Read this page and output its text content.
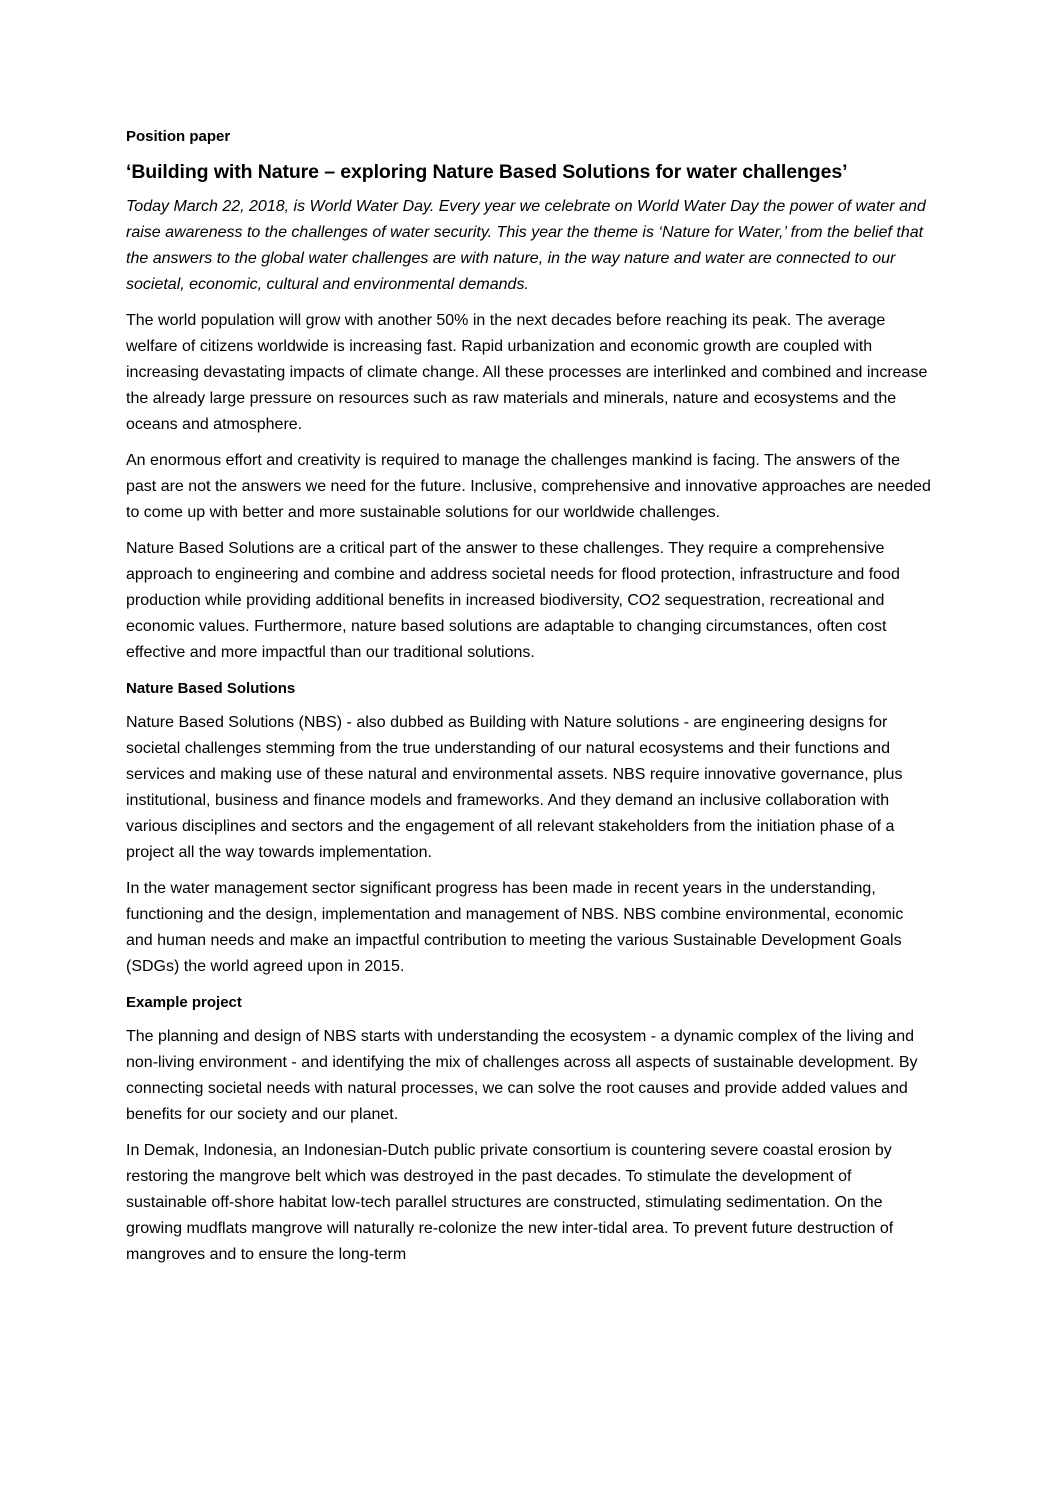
Position paper
‘Building with Nature – exploring Nature Based Solutions for water challenges’
Today March 22, 2018, is World Water Day. Every year we celebrate on World Water Day the power of water and raise awareness to the challenges of water security. This year the theme is ‘Nature for Water,’ from the belief that the answers to the global water challenges are with nature, in the way nature and water are connected to our societal, economic, cultural and environmental demands.
The world population will grow with another 50% in the next decades before reaching its peak. The average welfare of citizens worldwide is increasing fast. Rapid urbanization and economic growth are coupled with increasing devastating impacts of climate change. All these processes are interlinked and combined and increase the already large pressure on resources such as raw materials and minerals, nature and ecosystems and the oceans and atmosphere.
An enormous effort and creativity is required to manage the challenges mankind is facing. The answers of the past are not the answers we need for the future. Inclusive, comprehensive and innovative approaches are needed to come up with better and more sustainable solutions for our worldwide challenges.
Nature Based Solutions are a critical part of the answer to these challenges. They require a comprehensive approach to engineering and combine and address societal needs for flood protection, infrastructure and food production while providing additional benefits in increased biodiversity, CO2 sequestration, recreational and economic values. Furthermore, nature based solutions are adaptable to changing circumstances, often cost effective and more impactful than our traditional solutions.
Nature Based Solutions
Nature Based Solutions (NBS) - also dubbed as Building with Nature solutions - are engineering designs for societal challenges stemming from the true understanding of our natural ecosystems and their functions and services and making use of these natural and environmental assets. NBS require innovative governance, plus institutional, business and finance models and frameworks. And they demand an inclusive collaboration with various disciplines and sectors and the engagement of all relevant stakeholders from the initiation phase of a project all the way towards implementation.
In the water management sector significant progress has been made in recent years in the understanding, functioning and the design, implementation and management of NBS. NBS combine environmental, economic and human needs and make an impactful contribution to meeting the various Sustainable Development Goals (SDGs) the world agreed upon in 2015.
Example project
The planning and design of NBS starts with understanding the ecosystem - a dynamic complex of the living and non-living environment - and identifying the mix of challenges across all aspects of sustainable development. By connecting societal needs with natural processes, we can solve the root causes and provide added values and benefits for our society and our planet.
In Demak, Indonesia, an Indonesian-Dutch public private consortium is countering severe coastal erosion by restoring the mangrove belt which was destroyed in the past decades. To stimulate the development of sustainable off-shore habitat low-tech parallel structures are constructed, stimulating sedimentation. On the growing mudflats mangrove will naturally re-colonize the new inter-tidal area. To prevent future destruction of mangroves and to ensure the long-term
